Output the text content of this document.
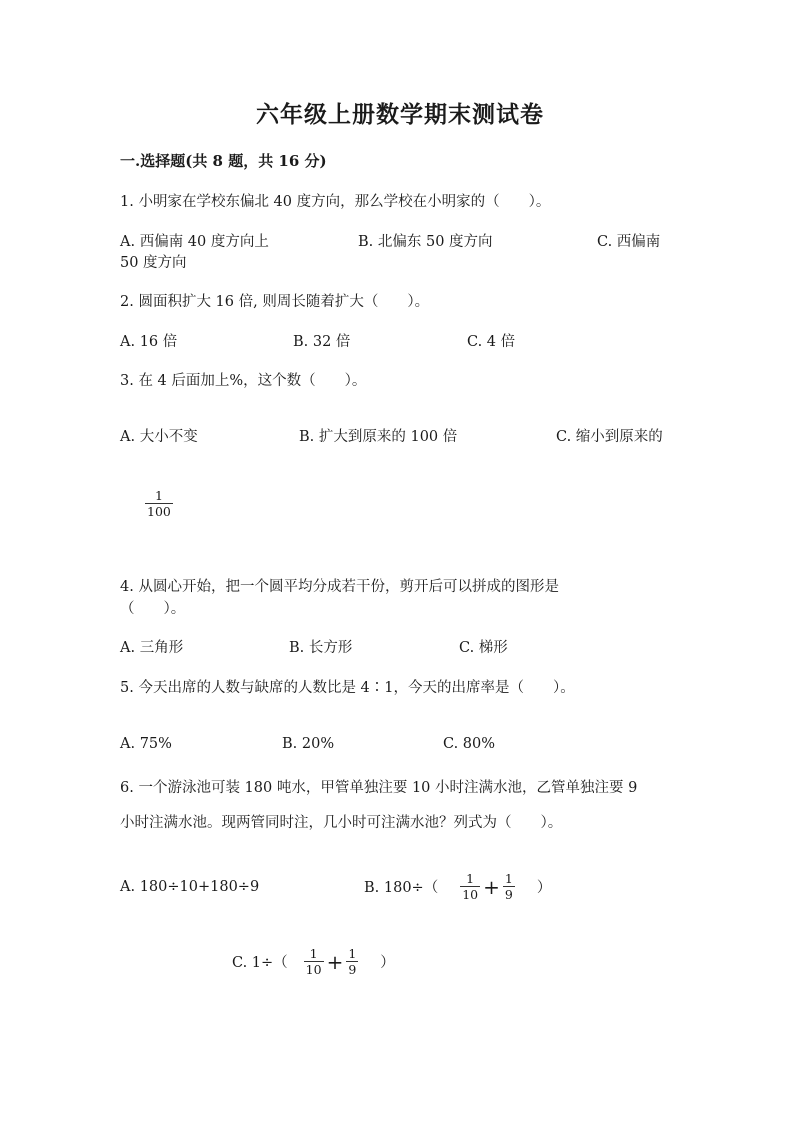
六年级上册数学期末测试卷
一.选择题(共 8 题，共 16 分)
1. 小明家在学校东偏北 40 度方向，那么学校在小明家的（　　）。
A. 西偏南 40 度方向上	B. 北偏东 50 度方向	C. 西偏南
50 度方向
2. 圆面积扩大 16 倍, 则周长随着扩大（　　）。
A. 16 倍	B. 32 倍	C. 4 倍
3. 在 4 后面加上%，这个数（　　）。
A. 大小不变	B. 扩大到原来的 100 倍	C. 缩小到原来的
$\frac{1}{100}$
4. 从圆心开始，把一个圆平均分成若干份，剪开后可以拼成的图形是
（　　）。
A. 三角形	B. 长方形	C. 梯形
5. 今天出席的人数与缺席的人数比是 4∶1，今天的出席率是（　　）。
A. 75%	B. 20%	C. 80%
6. 一个游泳池可装 180 吨水，甲管单独注要 10 小时注满水池，乙管单独注要 9
小时注满水池。现两管同时注，几小时可注满水池？列式为（　　）。
A. 180÷10+180÷9	B. $180\div( \frac{1}{10} + \frac{1}{9}$ ）
C. $1\div( \frac{1}{10} + \frac{1}{9}$ ）
